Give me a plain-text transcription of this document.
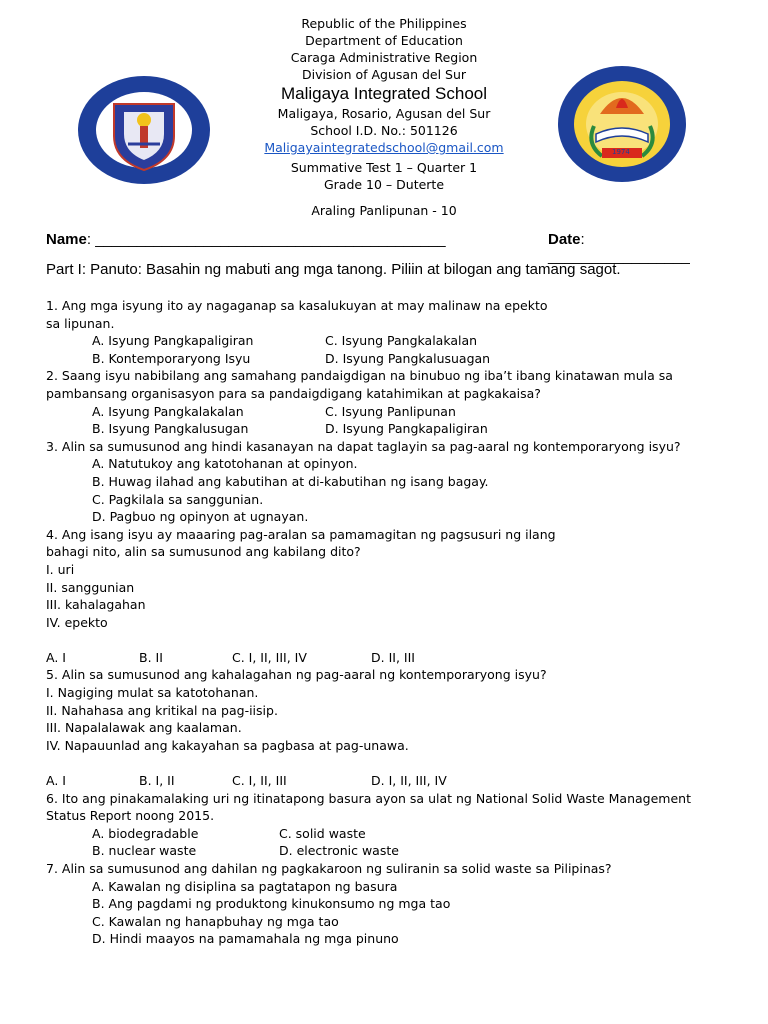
1974
Republic of the Philippines
Department of Education
Caraga Administrative Region
Division of Agusan del Sur
Maligaya Integrated School
Maligaya, Rosario, Agusan del Sur
School I.D. No.: 501126
Maligayaintegratedschool@gmail.com
Summative Test 1 – Quarter 1
Grade 10 – Duterte
Araling Panlipunan - 10
Name: __________________________________________	Date: _________________
Part I: Panuto: Basahin ng mabuti ang mga tanong. Piliin at bilogan ang tamang sagot.
1. Ang mga isyung ito ay nagaganap sa kasalukuyan at may malinaw na epekto
sa lipunan.
A. Isyung Pangkapaligiran	C. Isyung Pangkalakalan
B. Kontemporaryong Isyu	D. Isyung Pangkalusuagan
2. Saang isyu nabibilang ang samahang pandaigdigan na binubuo ng iba’t ibang kinatawan mula sa
pambansang organisasyon para sa pandaigdigang katahimikan at pagkakaisa?
A. Isyung Pangkalakalan	C. Isyung Panlipunan
B. Isyung Pangkalusugan	D. Isyung Pangkapaligiran
3. Alin sa sumusunod ang hindi kasanayan na dapat taglayin sa pag-aaral ng kontemporaryong isyu?
A. Natutukoy ang katotohanan at opinyon.
B. Huwag ilahad ang kabutihan at di-kabutihan ng isang bagay.
C. Pagkilala sa sanggunian.
D. Pagbuo ng opinyon at ugnayan.
4. Ang isang isyu ay maaaring pag-aralan sa pamamagitan ng pagsusuri ng ilang
bahagi nito, alin sa sumusunod ang kabilang dito?
I. uri
II. sanggunian
III. kahalagahan
IV. epekto
A. I	B. II	C. I, II, III, IV	D. II, III
5. Alin sa sumusunod ang kahalagahan ng pag-aaral ng kontemporaryong isyu?
I. Nagiging mulat sa katotohanan.
II. Nahahasa ang kritikal na pag-iisip.
III. Napalalawak ang kaalaman.
IV. Napauunlad ang kakayahan sa pagbasa at pag-unawa.
A. I	B. I, II	C. I, II, III	D. I, II, III, IV
6. Ito ang pinakamalaking uri ng itinatapong basura ayon sa ulat ng National Solid Waste Management
Status Report noong 2015.
A. biodegradable	C. solid waste
B. nuclear waste	D. electronic waste
7. Alin sa sumusunod ang dahilan ng pagkakaroon ng suliranin sa solid waste sa Pilipinas?
A. Kawalan ng disiplina sa pagtatapon ng basura
B. Ang pagdami ng produktong kinukonsumo ng mga tao
C. Kawalan ng hanapbuhay ng mga tao
D. Hindi maayos na pamamahala ng mga pinuno
